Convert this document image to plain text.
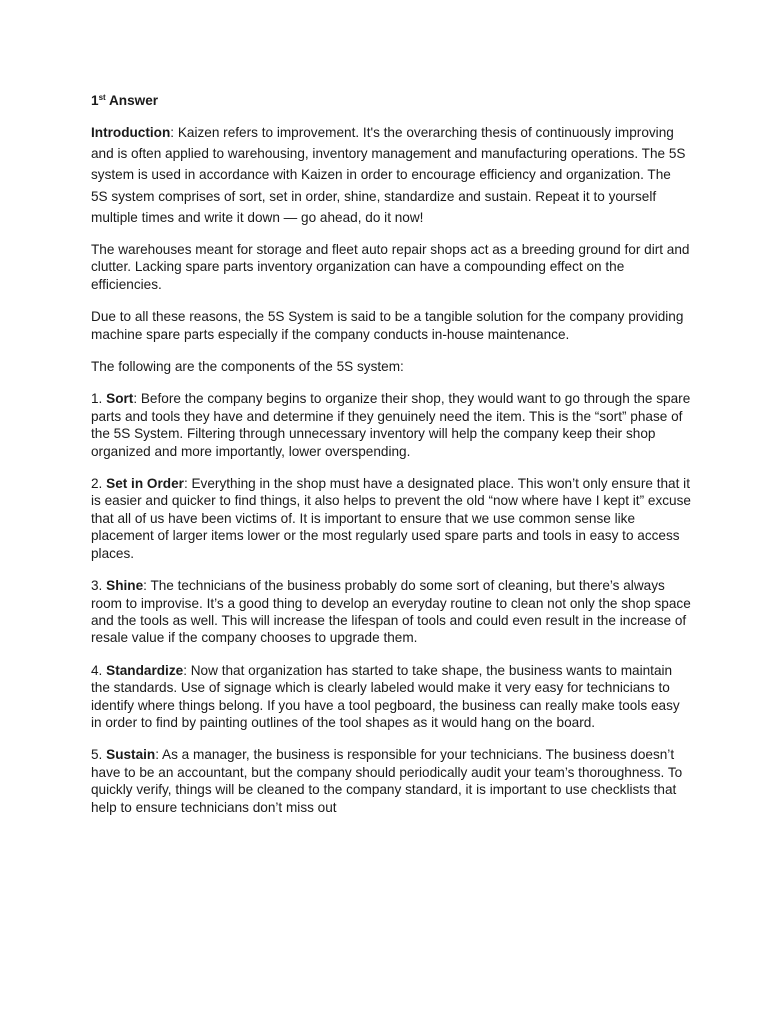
1st Answer
Introduction: Kaizen refers to improvement. It's the overarching thesis of continuously improving and is often applied to warehousing, inventory management and manufacturing operations. The 5S system is used in accordance with Kaizen in order to encourage efficiency and organization. The 5S system comprises of sort, set in order, shine, standardize and sustain. Repeat it to yourself multiple times and write it down — go ahead, do it now!
The warehouses meant for storage and fleet auto repair shops act as a breeding ground for dirt and clutter. Lacking spare parts inventory organization can have a compounding effect on the efficiencies.
Due to all these reasons, the 5S System is said to be a tangible solution for the company providing machine spare parts especially if the company conducts in-house maintenance.
The following are the components of the 5S system:
1. Sort: Before the company begins to organize their shop, they would want to go through the spare parts and tools they have and determine if they genuinely need the item. This is the “sort” phase of the 5S System. Filtering through unnecessary inventory will help the company keep their shop organized and more importantly, lower overspending.
2. Set in Order: Everything in the shop must have a designated place. This won’t only ensure that it is easier and quicker to find things, it also helps to prevent the old “now where have I kept it” excuse that all of us have been victims of. It is important to ensure that we use common sense like placement of larger items lower or the most regularly used spare parts and tools in easy to access places.
3. Shine: The technicians of the business probably do some sort of cleaning, but there’s always room to improvise. It’s a good thing to develop an everyday routine to clean not only the shop space and the tools as well. This will increase the lifespan of tools and could even result in the increase of resale value if the company chooses to upgrade them.
4. Standardize: Now that organization has started to take shape, the business wants to maintain the standards. Use of signage which is clearly labeled would make it very easy for technicians to identify where things belong. If you have a tool pegboard, the business can really make tools easy in order to find by painting outlines of the tool shapes as it would hang on the board.
5. Sustain: As a manager, the business is responsible for your technicians. The business doesn’t have to be an accountant, but the company should periodically audit your team’s thoroughness. To quickly verify, things will be cleaned to the company standard, it is important to use checklists that help to ensure technicians don’t miss out
